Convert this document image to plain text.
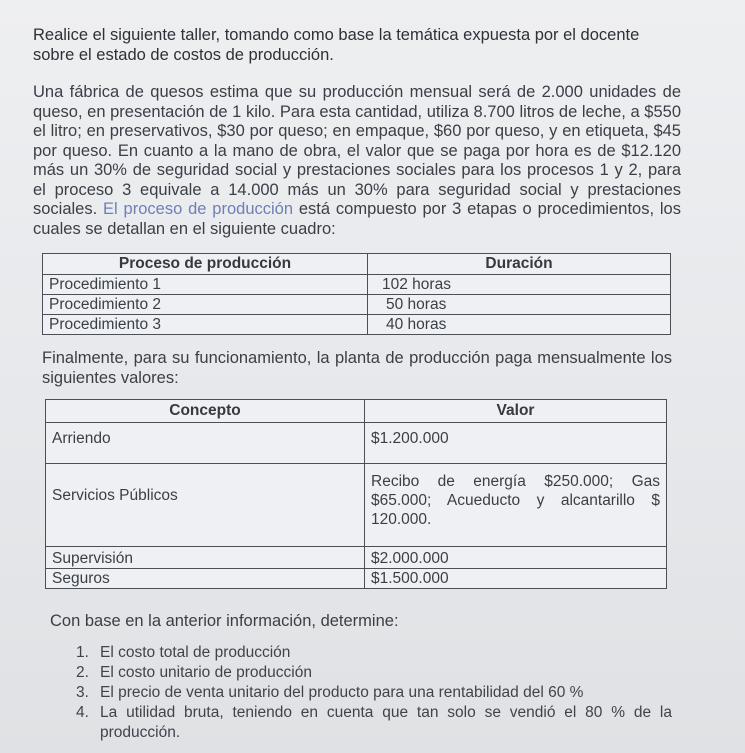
Realice el siguiente taller, tomando como base la temática expuesta por el docente sobre el estado de costos de producción.

Una fábrica de quesos estima que su producción mensual será de 2.000 unidades de queso, en presentación de 1 kilo. Para esta cantidad, utiliza 8.700 litros de leche, a $550 el litro; en preservativos, $30 por queso; en empaque, $60 por queso, y en etiqueta, $45 por queso. En cuanto a la mano de obra, el valor que se paga por hora es de $12.120 más un 30% de seguridad social y prestaciones sociales para los procesos 1 y 2, para el proceso 3 equivale a 14.000 más un 30% para seguridad social y prestaciones sociales. El proceso de producción está compuesto por 3 etapas o procedimientos, los cuales se detallan en el siguiente cuadro:

Proceso de producción	Duración
Procedimiento 1	102 horas
Procedimiento 2	50 horas
Procedimiento 3	40 horas

Finalmente, para su funcionamiento, la planta de producción paga mensualmente los siguientes valores:

Concepto	Valor
Arriendo	$1.200.000
Servicios Públicos	Recibo de energía $250.000; Gas $65.000; Acueducto y alcantarillo $ 120.000.
Supervisión	$2.000.000
Seguros	$1.500.000

Con base en la anterior información, determine:

1. El costo total de producción
2. El costo unitario de producción
3. El precio de venta unitario del producto para una rentabilidad del 60 %
4. La utilidad bruta, teniendo en cuenta que tan solo se vendió el 80 % de la producción.
